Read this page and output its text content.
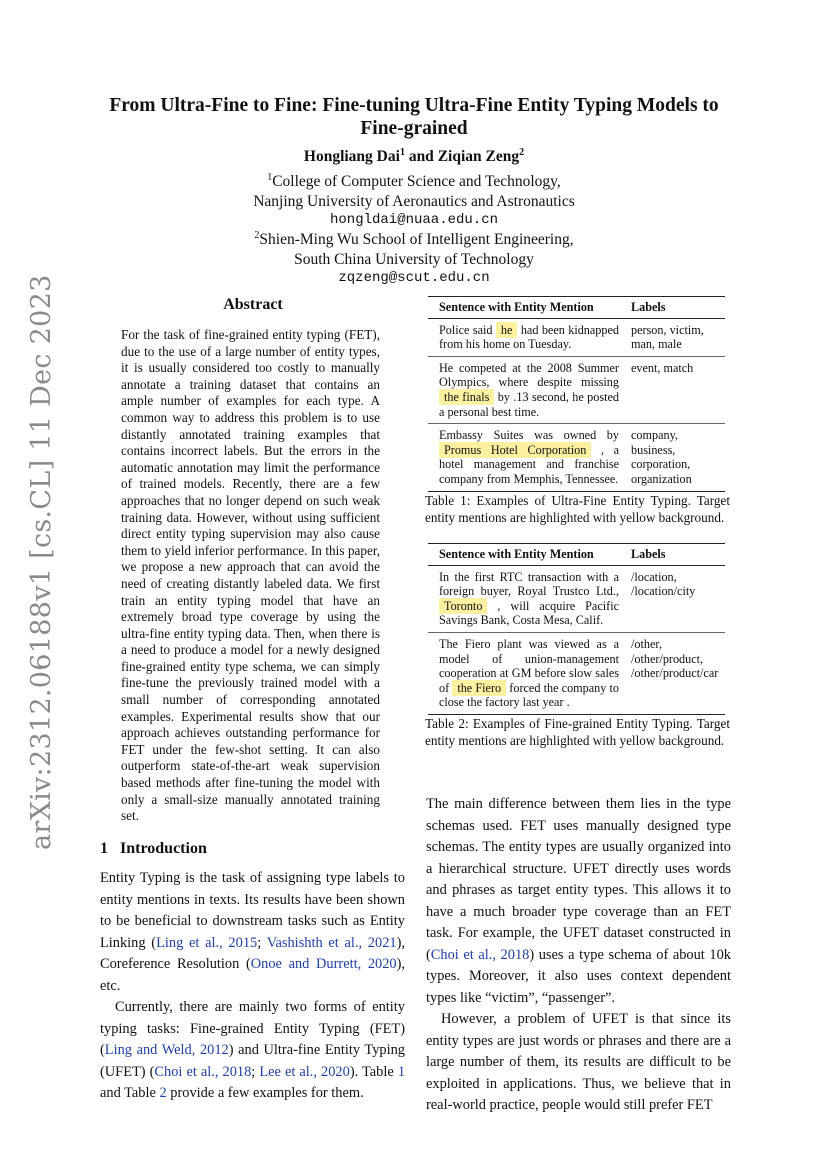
arXiv:2312.06188v1 [cs.CL] 11 Dec 2023
From Ultra-Fine to Fine: Fine-tuning Ultra-Fine Entity Typing Models to
Fine-grained
Hongliang Dai$^1$ and Ziqian Zeng$^2$
$^1$College of Computer Science and Technology,
Nanjing University of Aeronautics and Astronautics
hongldai@nuaa.edu.cn
$^2$Shien-Ming Wu School of Intelligent Engineering,
South China University of Technology
zqzeng@scut.edu.cn
Abstract
For the task of fine-grained entity typing (FET), due to the use of a large number of entity types, it is usually considered too costly to manually annotate a training dataset that contains an ample number of examples for each type. A common way to address this problem is to use distantly annotated training examples that contains incorrect labels. But the errors in the automatic annotation may limit the performance of trained models. Recently, there are a few approaches that no longer depend on such weak training data. However, without using sufficient direct entity typing supervision may also cause them to yield inferior performance. In this paper, we propose a new approach that can avoid the need of creating distantly labeled data. We first train an entity typing model that have an extremely broad type coverage by using the ultra-fine entity typing data. Then, when there is a need to produce a model for a newly designed fine-grained entity type schema, we can simply fine-tune the previously trained model with a small number of corresponding annotated examples. Experimental results show that our approach achieves outstanding performance for FET under the few-shot setting. It can also outperform state-of-the-art weak supervision based methods after fine-tuning the model with only a small-size manually annotated training set.
1 Introduction

Entity Typing is the task of assigning type labels to entity mentions in texts. Its results have been shown to be beneficial to downstream tasks such as Entity Linking (Ling et al., 2015; Vashishth et al., 2021), Coreference Resolution (Onoe and Durrett, 2020), etc.

Currently, there are mainly two forms of entity typing tasks: Fine-grained Entity Typing (FET) (Ling and Weld, 2012) and Ultra-fine Entity Typing (UFET) (Choi et al., 2018; Lee et al., 2020). Table 1 and Table 2 provide a few examples for them.

Sentence with Entity Mention	Labels
Police said he had been kidnapped from his home on Tuesday.	person, victim, man, male
He competed at the 2008 Summer Olympics, where despite missing the finals by .13 second, he posted a personal best time.	event, match
Embassy Suites was owned by Promus Hotel Corporation , a hotel management and franchise company from Memphis, Tennessee.	company, business, corporation, organization
Table 1: Examples of Ultra-Fine Entity Typing. Target entity mentions are highlighted with yellow background.
Sentence with Entity Mention	Labels
In the first RTC transaction with a foreign buyer, Royal Trustco Ltd., Toronto , will acquire Pacific Savings Bank, Costa Mesa, Calif.	/location, /location/city
The Fiero plant was viewed as a model of union-management cooperation at GM before slow sales of the Fiero forced the company to close the factory last year .	/other, /other/product, /other/product/car
Table 2: Examples of Fine-grained Entity Typing. Target entity mentions are highlighted with yellow background.

The main difference between them lies in the type schemas used. FET uses manually designed type schemas. The entity types are usually organized into a hierarchical structure. UFET directly uses words and phrases as target entity types. This allows it to have a much broader type coverage than an FET task. For example, the UFET dataset constructed in (Choi et al., 2018) uses a type schema of about 10k types. Moreover, it also uses context dependent types like “victim”, “passenger”.

However, a problem of UFET is that since its entity types are just words or phrases and there are a large number of them, its results are difficult to be exploited in applications. Thus, we believe that in real-world practice, people would still prefer FET
